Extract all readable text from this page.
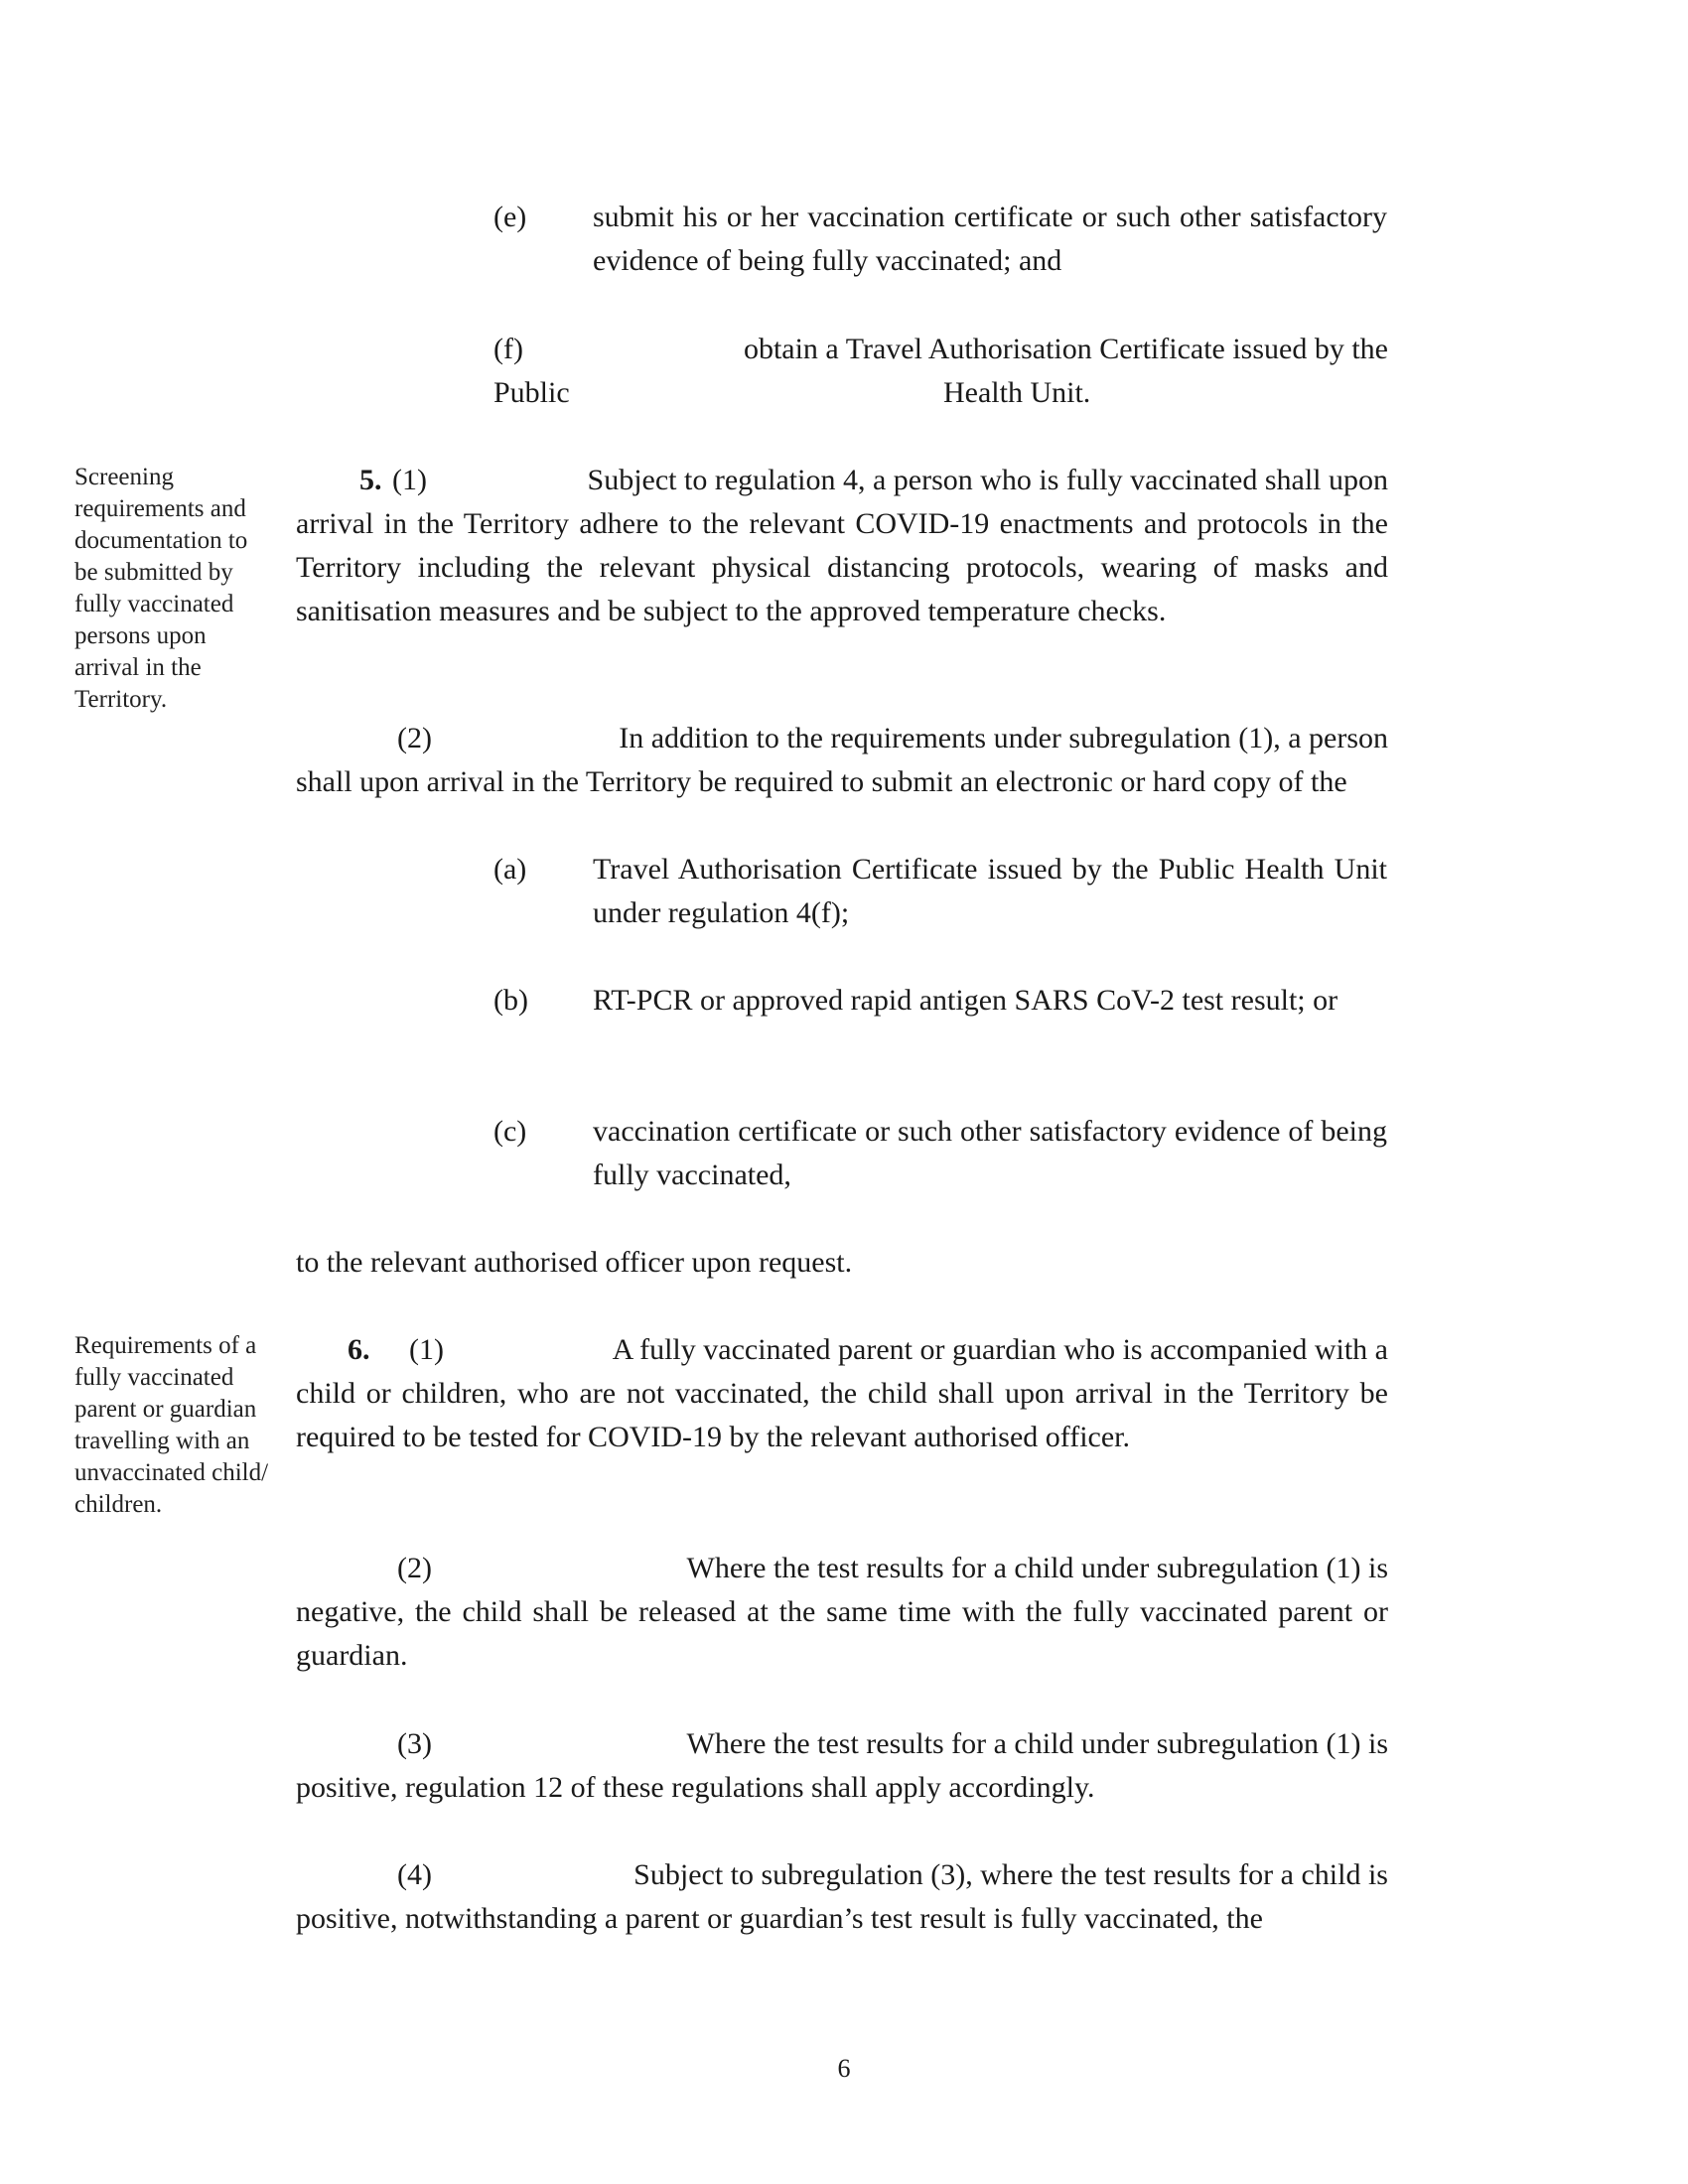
(e) submit his or her vaccination certificate or such other satisfactory evidence of being fully vaccinated; and
(f)	obtain a Travel Authorisation Certificate issued by the
Public	Health Unit.
Screening requirements and documentation to be submitted by fully vaccinated persons upon arrival in the Territory.
5. (1)	Subject to regulation 4, a person who is fully vaccinated shall upon
arrival in the Territory adhere to the relevant COVID-19 enactments and protocols in the Territory including the relevant physical distancing protocols, wearing of masks and sanitisation measures and be subject to the approved temperature checks.
(2)	In addition to the requirements under subregulation (1), a person
shall upon arrival in the Territory be required to submit an electronic or hard copy of the
(a) Travel Authorisation Certificate issued by the Public Health Unit under regulation 4(f);
(b) RT-PCR or approved rapid antigen SARS CoV-2 test result; or
(c) vaccination certificate or such other satisfactory evidence of being fully vaccinated,
to the relevant authorised officer upon request.
Requirements of a fully vaccinated parent or guardian travelling with an unvaccinated child/ children.
6. (1)	A fully vaccinated parent or guardian who is accompanied with a
child or children, who are not vaccinated, the child shall upon arrival in the Territory be required to be tested for COVID-19 by the relevant authorised officer.
(2)	Where the test results for a child under subregulation (1) is
negative, the child shall be released at the same time with the fully vaccinated parent or guardian.
(3)	Where the test results for a child under subregulation (1) is
positive, regulation 12 of these regulations shall apply accordingly.
(4)	Subject to subregulation (3), where the test results for a child is
positive, notwithstanding a parent or guardian’s test result is fully vaccinated, the
6
